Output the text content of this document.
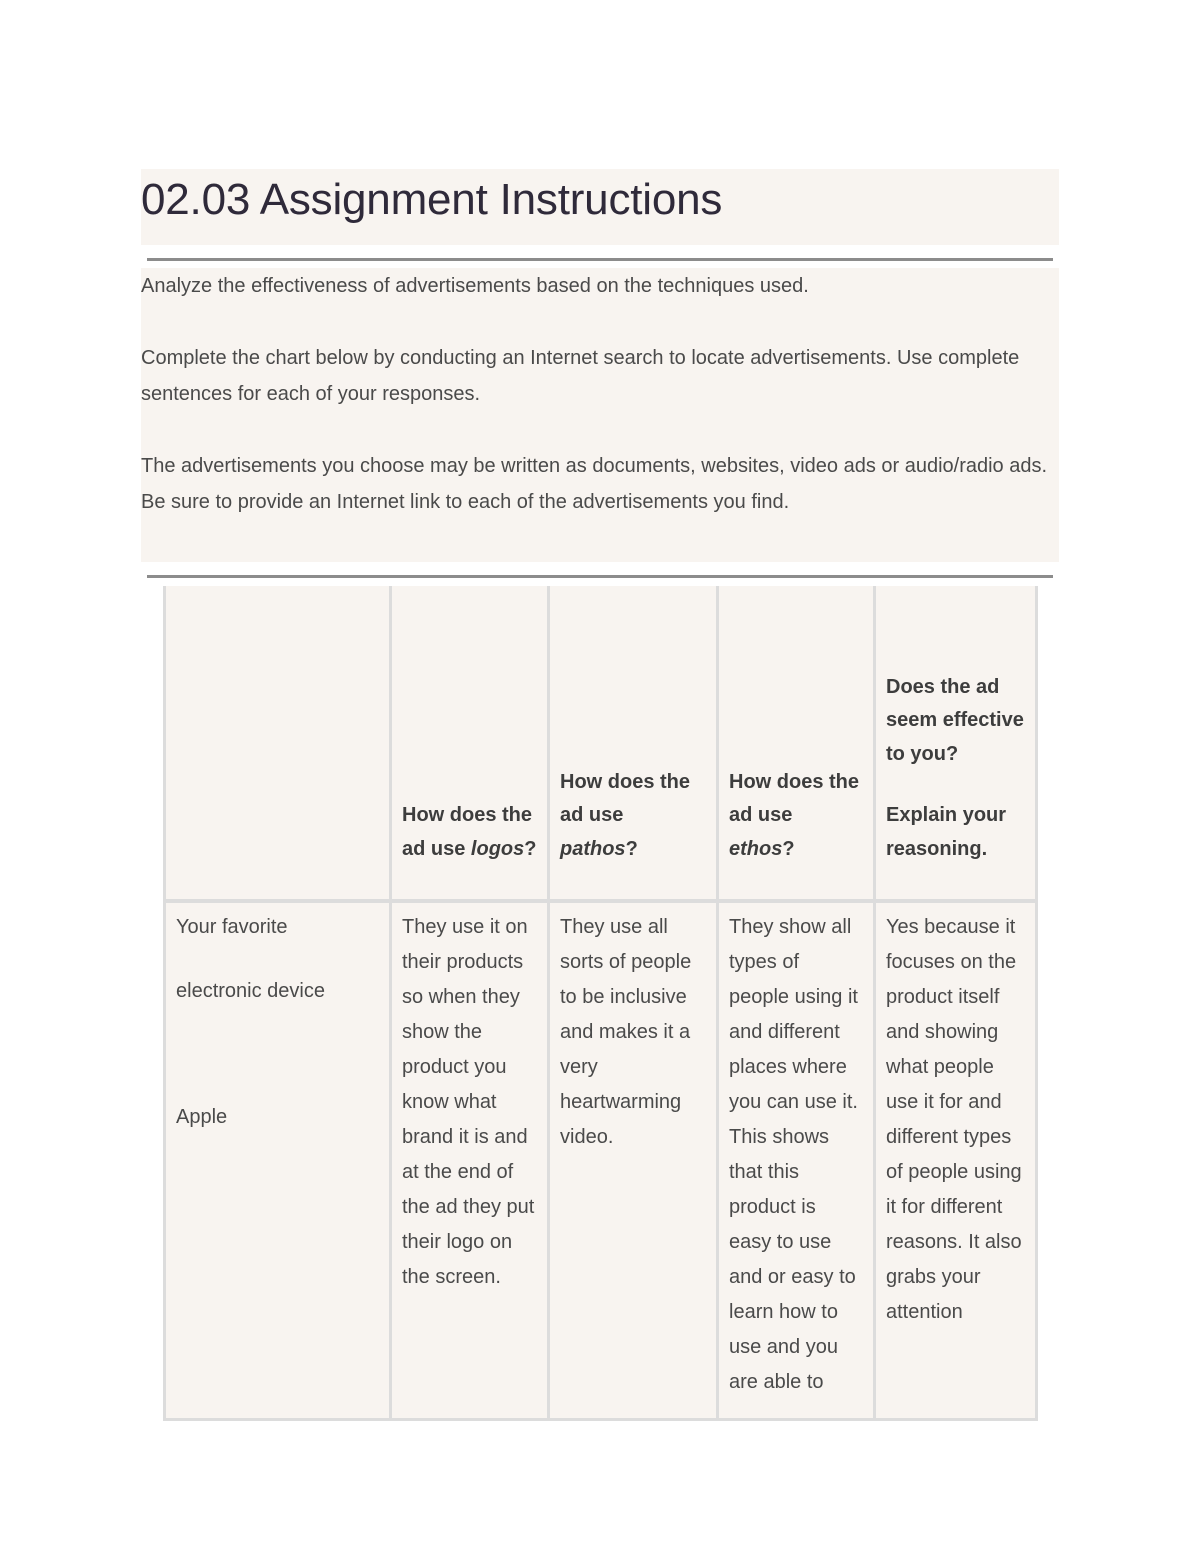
02.03 Assignment Instructions

Analyze the effectiveness of advertisements based on the techniques used.

Complete the chart below by conducting an Internet search to locate advertisements. Use complete sentences for each of your responses.

The advertisements you choose may be written as documents, websites, video ads or audio/radio ads. Be sure to provide an Internet link to each of the advertisements you find.

	How does the ad use logos?	How does the ad use pathos?	How does the ad use ethos?	Does the ad seem effective to you?
Explain your reasoning.

Your favorite
electronic device
Apple	They use it on their products so when they show the product you know what brand it is and at the end of the ad they put their logo on the screen.	They use all sorts of people to be inclusive and makes it a very heartwarming video.	They show all types of people using it and different places where you can use it. This shows that this product is easy to use and or easy to learn how to use and you are able to	Yes because it focuses on the product itself and showing what people use it for and different types of people using it for different reasons. It also grabs your attention
